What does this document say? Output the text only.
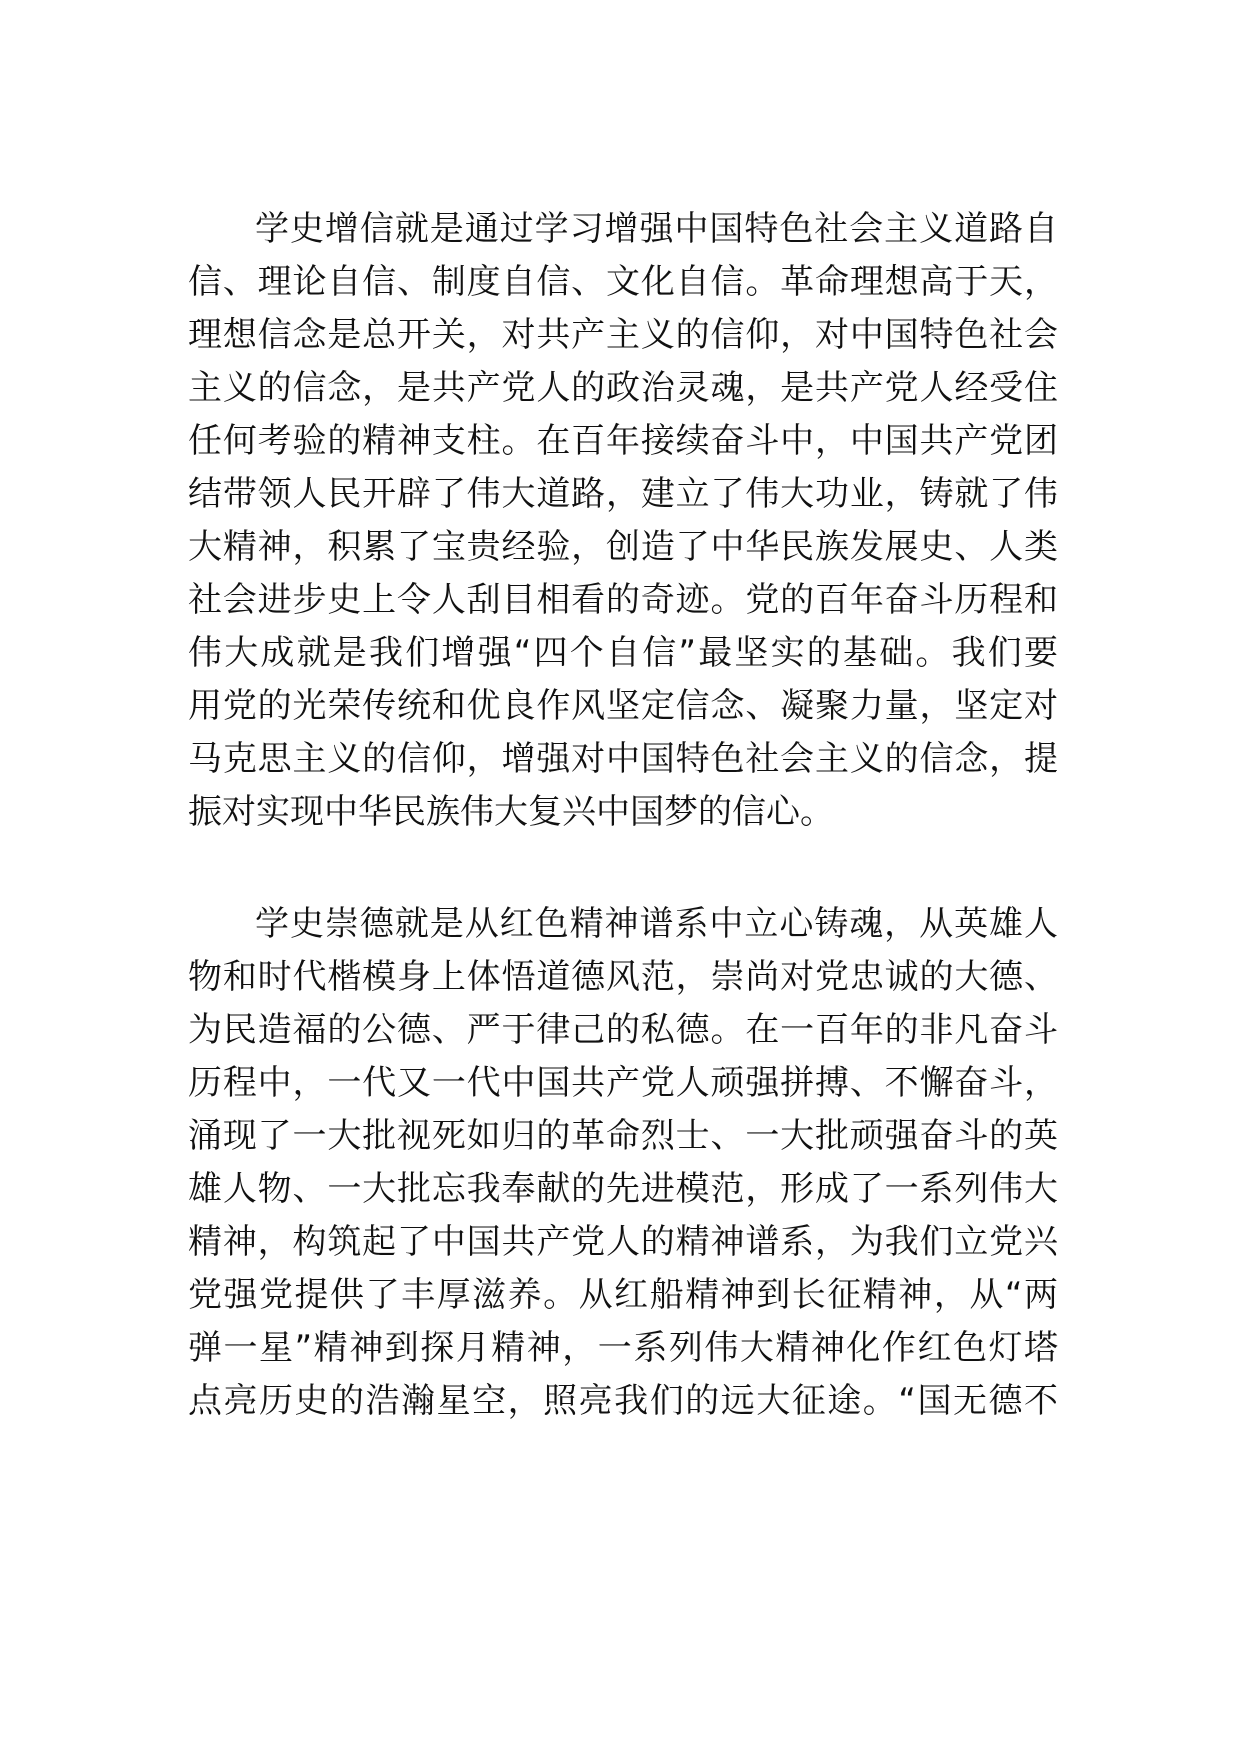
学史增信就是通过学习增强中国特色社会主义道路自
信、理论自信、制度自信、文化自信。革命理想高于天，
理想信念是总开关，对共产主义的信仰，对中国特色社会
主义的信念，是共产党人的政治灵魂，是共产党人经受住
任何考验的精神支柱。在百年接续奋斗中，中国共产党团
结带领人民开辟了伟大道路，建立了伟大功业，铸就了伟
大精神，积累了宝贵经验，创造了中华民族发展史、人类
社会进步史上令人刮目相看的奇迹。党的百年奋斗历程和
伟大成就是我们增强“四个自信”最坚实的基础。我们要
用党的光荣传统和优良作风坚定信念、凝聚力量，坚定对
马克思主义的信仰，增强对中国特色社会主义的信念，提
振对实现中华民族伟大复兴中国梦的信心。
学史崇德就是从红色精神谱系中立心铸魂，从英雄人
物和时代楷模身上体悟道德风范，崇尚对党忠诚的大德、
为民造福的公德、严于律己的私德。在一百年的非凡奋斗
历程中，一代又一代中国共产党人顽强拼搏、不懈奋斗，
涌现了一大批视死如归的革命烈士、一大批顽强奋斗的英
雄人物、一大批忘我奉献的先进模范，形成了一系列伟大
精神，构筑起了中国共产党人的精神谱系，为我们立党兴
党强党提供了丰厚滋养。从红船精神到长征精神，从“两
弹一星”精神到探月精神，一系列伟大精神化作红色灯塔
点亮历史的浩瀚星空，照亮我们的远大征途。“国无德不
